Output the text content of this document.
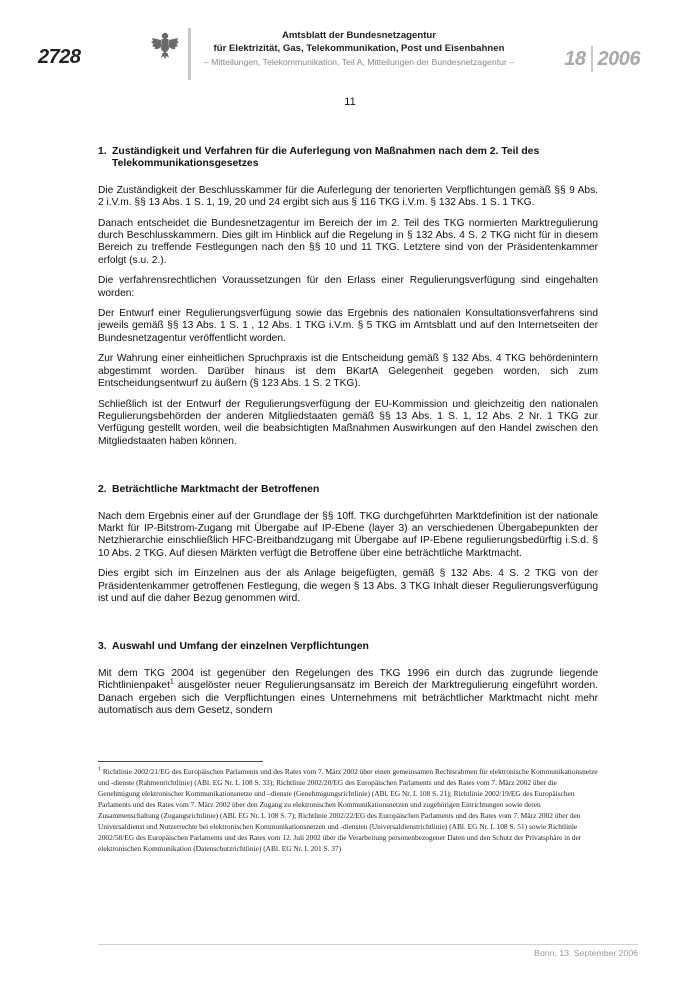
2728
Amtsblatt der Bundesnetzagentur
für Elektrizität, Gas, Telekommunikation, Post und Eisenbahnen
– Mitteilungen, Telekommunikation, Teil A, Mitteilungen der Bundesnetzagentur –	18 2006
11
1. Zuständigkeit und Verfahren für die Auferlegung von Maßnahmen nach dem 2. Teil des Telekommunikationsgesetzes

Die Zuständigkeit der Beschlusskammer für die Auferlegung der tenorierten Verpflichtungen gemäß §§ 9 Abs. 2 i.V.m. §§ 13 Abs. 1 S. 1, 19, 20 und 24 ergibt sich aus § 116 TKG i.V.m. § 132 Abs. 1 S. 1 TKG.

Danach entscheidet die Bundesnetzagentur im Bereich der im 2. Teil des TKG normierten Marktregulierung durch Beschlusskammern. Dies gilt im Hinblick auf die Regelung in § 132 Abs. 4 S. 2 TKG nicht für in diesem Bereich zu treffende Festlegungen nach den §§ 10 und 11 TKG. Letztere sind von der Präsidentenkammer erfolgt (s.u. 2.).

Die verfahrensrechtlichen Voraussetzungen für den Erlass einer Regulierungsverfügung sind eingehalten worden:

Der Entwurf einer Regulierungsverfügung sowie das Ergebnis des nationalen Konsultationsverfahrens sind jeweils gemäß §§ 13 Abs. 1 S. 1 , 12 Abs. 1 TKG i.V.m. § 5 TKG im Amtsblatt und auf den Internetseiten der Bundesnetzagentur veröffentlicht worden.

Zur Wahrung einer einheitlichen Spruchpraxis ist die Entscheidung gemäß § 132 Abs. 4 TKG behördenintern abgestimmt worden. Darüber hinaus ist dem BKartA Gelegenheit gegeben worden, sich zum Entscheidungsentwurf zu äußern (§ 123 Abs. 1 S. 2 TKG).

Schließlich ist der Entwurf der Regulierungsverfügung der EU-Kommission und gleichzeitig den nationalen Regulierungsbehörden der anderen Mitgliedstaaten gemäß §§ 13 Abs. 1 S. 1, 12 Abs. 2 Nr. 1 TKG zur Verfügung gestellt worden, weil die beabsichtigten Maßnahmen Auswirkungen auf den Handel zwischen den Mitgliedstaaten haben können.

2. Beträchtliche Marktmacht der Betroffenen

Nach dem Ergebnis einer auf der Grundlage der §§ 10ff. TKG durchgeführten Marktdefinition ist der nationale Markt für IP-Bitstrom-Zugang mit Übergabe auf IP-Ebene (layer 3) an verschiedenen Übergabepunkten der Netzhierarchie einschließlich HFC-Breitbandzugang mit Übergabe auf IP-Ebene regulierungsbedürftig i.S.d. § 10 Abs. 2 TKG. Auf diesen Märkten verfügt die Betroffene über eine beträchtliche Marktmacht.

Dies ergibt sich im Einzelnen aus der als Anlage beigefügten, gemäß § 132 Abs. 4 S. 2 TKG von der Präsidentenkammer getroffenen Festlegung, die wegen § 13 Abs. 3 TKG Inhalt dieser Regulierungsverfügung ist und auf die daher Bezug genommen wird.

3. Auswahl und Umfang der einzelnen Verpflichtungen

Mit dem TKG 2004 ist gegenüber den Regelungen des TKG 1996 ein durch das zugrunde liegende Richtlinienpaket$^1$ ausgelöster neuer Regulierungsansatz im Bereich der Marktregulierung eingeführt worden. Danach ergeben sich die Verpflichtungen eines Unternehmens mit beträchtlicher Marktmacht nicht mehr automatisch aus dem Gesetz, sondern

$^1$ Richtlinie 2002/21/EG des Europäischen Parlaments und des Rates vom 7. März 2002 über einen gemeinsamen Rechtsrahmen für elektronische Kommunikationsnetze und -dienste (Rahmenrichtlinie) (ABl. EG Nr. L 108 S. 33); Richtlinie 2002/20/EG des Europäischen Parlaments und des Rates vom 7. März 2002 über die Genehmigung elektronischer Kommunikationsnetze und –dienste (Genehmigungsrichtlinie) (ABl. EG Nr. L 108 S. 21); Richtlinie 2002/19/EG des Europäischen Parlaments und des Rates vom 7. März 2002 über den Zugang zu elektronischen Kommunikationsnetzen und zugehörigen Einrichtungen sowie deren Zusammenschaltung (Zugangsrichtlinie) (ABl. EG Nr. L 108 S. 7); Richtlinie 2002/22/EG des Europäischen Parlaments und des Rates vom 7. März 2002 über den Universaldienst und Nutzerrechte bei elektronischen Kommunikationsnetzen und -diensten (Universaldienstrichtlinie) (ABl. EG Nr. L 108 S. 51) sowie Richtlinie 2002/58/EG des Europäischen Parlaments und des Rates vom 12. Juli 2002 über die Verarbeitung personenbezogener Daten und den Schutz der Privatsphäre in der elektronischen Kommunikation (Datenschutzrichtlinie) (ABl. EG Nr. L 201 S. 37)
Bonn, 13. September 2006
